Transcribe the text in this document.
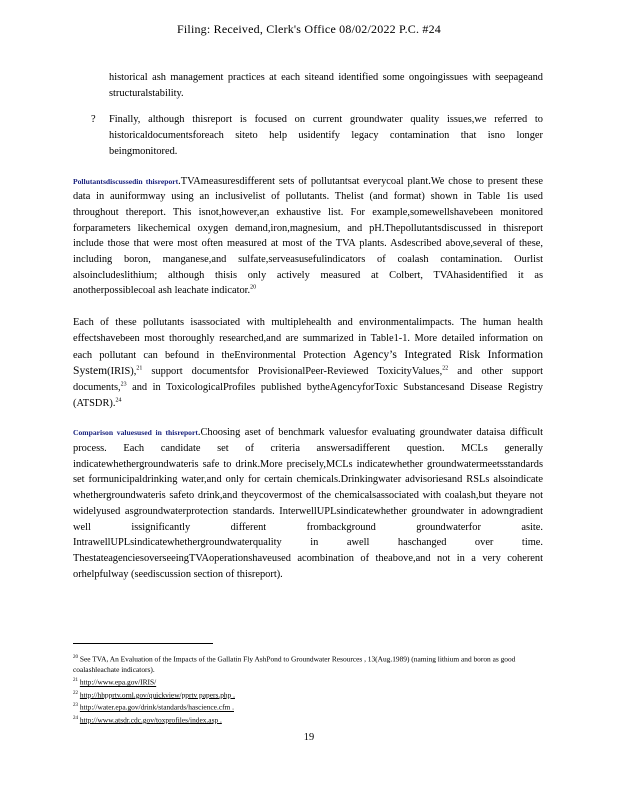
Filing: Received, Clerk's Office 08/02/2022 P.C. #24

historical ash management practices at each siteand identified some ongoingissues with seepageand structuralstability.

? Finally, although thisreport is focused on current groundwater quality issues,we referred to historicaldocumentsforeach siteto help usidentify legacy contamination that isno longer beingmonitored.

Pollutantsdiscussedin thisreport.TVAmeasuresdifferent sets of pollutantsat everycoal plant.We chose to present these data in auniformway using an inclusivelist of pollutants. Thelist (and format) shown in Table 1is used throughout thereport. This isnot,however,an exhaustive list. For example,somewellshavebeen monitored forparameters likechemical oxygen demand,iron,magnesium, and pH.Thepollutantsdiscussed in thisreport include those that were most often measured at most of the TVA plants. Asdescribed above,several of these, including boron, manganese,and sulfate,serveasusefulindicators of coalash contamination. Ourlist alsoincludeslithium; although thisis only actively measured at Colbert, TVAhasidentified it as anotherpossiblecoal ash leachate indicator.$^{20}$

Each of these pollutants isassociated with multiplehealth and environmentalimpacts. The human health effectshavebeen most thoroughly researched,and are summarized in Table1-1. More detailed information on each pollutant can befound in theEnvironmental Protection Agency’s Integrated Risk Information System(IRIS),$^{21}$ support documentsfor ProvisionalPeer-Reviewed ToxicityValues,$^{22}$ and other support documents,$^{23}$ and in ToxicologicalProfiles published bytheAgencyforToxic Substancesand Disease Registry (ATSDR).$^{24}$

Comparison valuesused in thisreport.Choosing aset of benchmark valuesfor evaluating groundwater dataisa difficult process. Each candidate set of criteria answersadifferent question. MCLs generally indicatewhethergroundwateris safe to drink.More precisely,MCLs indicatewhether groundwatermeetsstandards set formunicipaldrinking water,and only for certain chemicals.Drinkingwater advisoriesand RSLs alsoindicate whethergroundwateris safeto drink,and theycovermost of the chemicalsassociated with coalash,but theyare not widelyused asgroundwaterprotection standards. InterwellUPLsindicatewhether groundwater in adowngradient well issignificantly different frombackground groundwaterfor asite. IntrawellUPLsindicatewhethergroundwaterquality in awell haschanged over time. ThestateagenciesoverseeingTVAoperationshaveused acombination of theabove,and not in a very coherent orhelpfulway (seediscussion section of thisreport).

$^{20}$ See TVA, An Evaluation of the Impacts of the Gallatin Fly AshPond to Groundwater Resources , 13(Aug.1989) (naming lithium and boron as good coalashleachate indicators).
$^{21}$ http://www.epa.gov/IRIS/
$^{22}$ http://hhpprtv.ornl.gov/quickview/pprtv papers.php .
$^{23}$ http://water.epa.gov/drink/standards/hascience.cfm .
$^{24}$ http://www.atsdr.cdc.gov/toxprofiles/index.asp .
19
